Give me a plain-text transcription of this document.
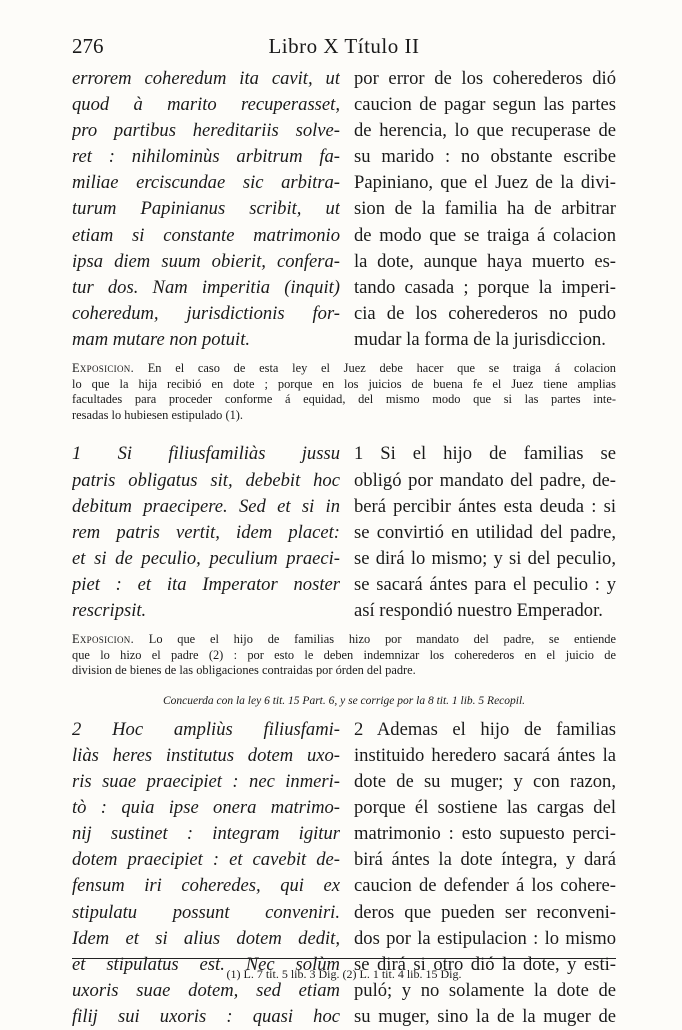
276	Libro X Título II
errorem coheredum ita cavit, ut
quod à marito recuperasset,
pro partibus hereditariis solve-
ret : nihilominùs arbitrum fa-
miliae erciscundae sic arbitra-
turum Papinianus scribit, ut
etiam si constante matrimonio
ipsa diem suum obierit, confera-
tur dos. Nam imperitia (inquit)
coheredum, jurisdictionis for-
mam mutare non potuit.
por error de los coherederos dió
caucion de pagar segun las partes
de herencia, lo que recuperase de
su marido : no obstante escribe
Papiniano, que el Juez de la divi-
sion de la familia ha de arbitrar
de modo que se traiga á colacion
la dote, aunque haya muerto es-
tando casada ; porque la imperi-
cia de los coherederos no pudo
mudar la forma de la jurisdiccion.
Exposicion. En el caso de esta ley el Juez debe hacer que se traiga á colacion
lo que la hija recibió en dote ; porque en los juicios de buena fe el Juez tiene amplias
facultades para proceder conforme á equidad, del mismo modo que si las partes inte-
resadas lo hubiesen estipulado (1).
1 Si filiusfamiliàs jussu
patris obligatus sit, debebit hoc
debitum praecipere. Sed et si in
rem patris vertit, idem placet:
et si de peculio, peculium praeci-
piet : et ita Imperator noster
rescripsit.
1 Si el hijo de familias se
obligó por mandato del padre, de-
berá percibir ántes esta deuda : si
se convirtió en utilidad del padre,
se dirá lo mismo; y si del peculio,
se sacará ántes para el peculio : y
así respondió nuestro Emperador.
Exposicion. Lo que el hijo de familias hizo por mandato del padre, se entiende
que lo hizo el padre (2) : por esto le deben indemnizar los coherederos en el juicio de
division de bienes de las obligaciones contraidas por órden del padre.
Concuerda con la ley 6 tit. 15 Part. 6, y se corrige por la 8 tit. 1 lib. 5 Recopil.
2 Hoc ampliùs filiusfami-
liàs heres institutus dotem uxo-
ris suae praecipiet : nec inmeri-
tò : quia ipse onera matrimo-
nij sustinet : integram igitur
dotem praecipiet : et cavebit de-
fensum iri coheredes, qui ex
stipulatu possunt conveniri.
Idem et si alius dotem dedit,
et stipulatus est. Nec solùm
uxoris suae dotem, sed etiam
filij sui uxoris : quasi hoc
2 Ademas el hijo de familias
instituido heredero sacará ántes la
dote de su muger; y con razon,
porque él sostiene las cargas del
matrimonio : esto supuesto perci-
birá ántes la dote íntegra, y dará
caucion de defender á los cohere-
deros que pueden ser reconveni-
dos por la estipulacion : lo mismo
se dirá si otro dió la dote, y esti-
puló; y no solamente la dote de
su muger, sino la de la muger de
(1) L. 7 tit. 5 lib. 3 Dig. (2) L. 1 tit. 4 lib. 15 Dig.
